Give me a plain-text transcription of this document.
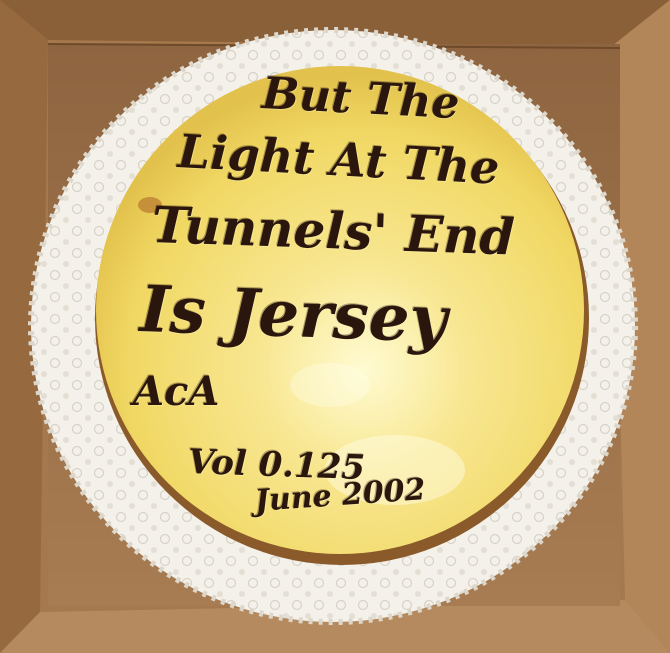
But The

Light At The

Tunnels' End

Is Jersey

AcA

Vol 0.125

June 2002
